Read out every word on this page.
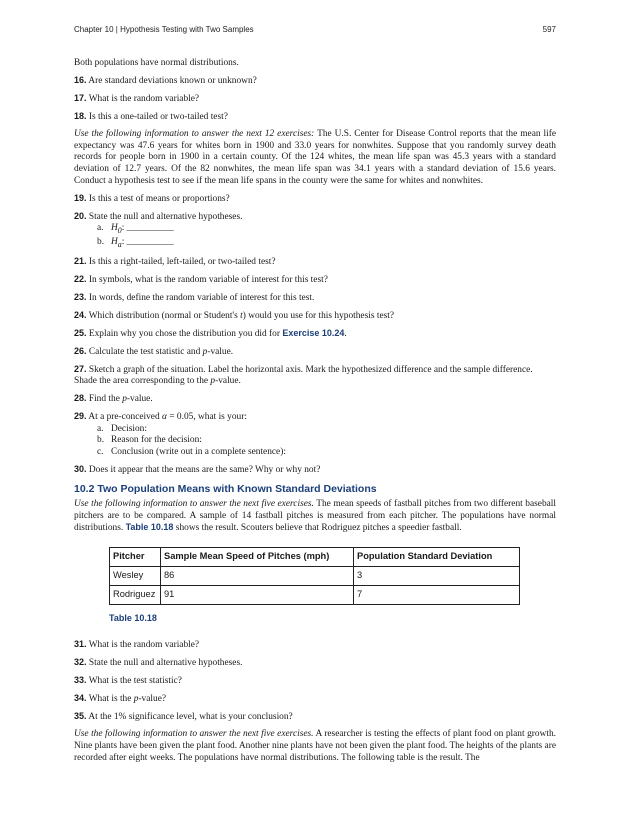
Chapter 10 | Hypothesis Testing with Two Samples	597

Both populations have normal distributions.

16. Are standard deviations known or unknown?

17. What is the random variable?

18. Is this a one-tailed or two-tailed test?

Use the following information to answer the next 12 exercises: The U.S. Center for Disease Control reports that the mean life expectancy was 47.6 years for whites born in 1900 and 33.0 years for nonwhites. Suppose that you randomly survey death records for people born in 1900 in a certain county. Of the 124 whites, the mean life span was 45.3 years with a standard deviation of 12.7 years. Of the 82 nonwhites, the mean life span was 34.1 years with a standard deviation of 15.6 years. Conduct a hypothesis test to see if the mean life spans in the county were the same for whites and nonwhites.

19. Is this a test of means or proportions?

20. State the null and alternative hypotheses.
a. $H_0$: __________
b. $H_a$: __________

21. Is this a right-tailed, left-tailed, or two-tailed test?

22. In symbols, what is the random variable of interest for this test?

23. In words, define the random variable of interest for this test.

24. Which distribution (normal or Student's t) would you use for this hypothesis test?

25. Explain why you chose the distribution you did for Exercise 10.24.

26. Calculate the test statistic and p-value.

27. Sketch a graph of the situation. Label the horizontal axis. Mark the hypothesized difference and the sample difference. Shade the area corresponding to the p-value.

28. Find the p-value.

29. At a pre-conceived α = 0.05, what is your:
a. Decision:
b. Reason for the decision:
c. Conclusion (write out in a complete sentence):

30. Does it appear that the means are the same? Why or why not?

10.2 Two Population Means with Known Standard Deviations

Use the following information to answer the next five exercises. The mean speeds of fastball pitches from two different baseball pitchers are to be compared. A sample of 14 fastball pitches is measured from each pitcher. The populations have normal distributions. Table 10.18 shows the result. Scouters believe that Rodriguez pitches a speedier fastball.

Pitcher	Sample Mean Speed of Pitches (mph)	Population Standard Deviation
Wesley	86	3
Rodriguez	91	7
Table 10.18

31. What is the random variable?

32. State the null and alternative hypotheses.

33. What is the test statistic?

34. What is the p-value?

35. At the 1% significance level, what is your conclusion?

Use the following information to answer the next five exercises. A researcher is testing the effects of plant food on plant growth. Nine plants have been given the plant food. Another nine plants have not been given the plant food. The heights of the plants are recorded after eight weeks. The populations have normal distributions. The following table is the result. The
